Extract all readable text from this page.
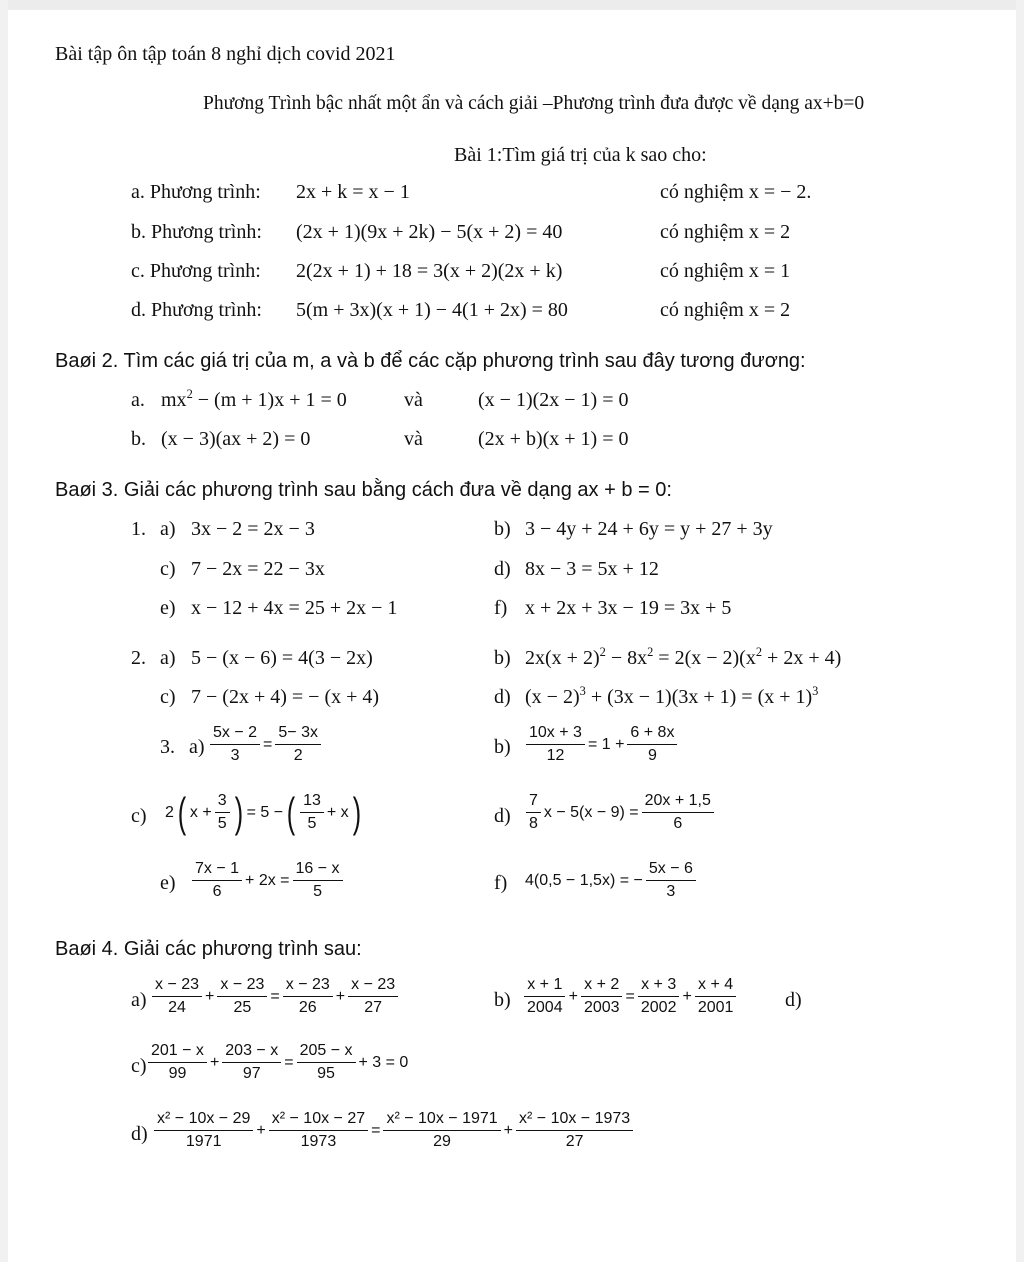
Bài tập ôn tập toán 8 nghỉ dịch covid 2021
Phương Trình bậc nhất một ẩn và cách giải –Phương trình đưa được về dạng ax+b=0
Bài 1:Tìm giá trị của k sao cho:
a. Phương trình: 2x + k = x − 1	có nghiệm x = − 2.
b. Phương trình: (2x + 1)(9x + 2k) − 5(x + 2) = 40	có nghiệm x = 2
c. Phương trình: 2(2x + 1) + 18 = 3(x + 2)(2x + k)	có nghiệm x = 1
d. Phương trình: 5(m + 3x)(x + 1) − 4(1 + 2x) = 80	có nghiệm x = 2
Baøi 2. Tìm các giá trị của m, a và b để các cặp phương trình sau đây tương đương:
a. $mx^2 - (m + 1)x + 1 = 0$	và	(x − 1)(2x − 1) = 0
b. (x − 3)(ax + 2) = 0	và	(2x + b)(x + 1) = 0
Baøi 3. Giải các phương trình sau bằng cách đưa về dạng ax + b = 0:
1. a) 3x − 2 = 2x − 3	b) 3 − 4y + 24 + 6y = y + 27 + 3y
c) 7 − 2x = 22 − 3x	d) 8x − 3 = 5x + 12
e) x − 12 + 4x = 25 + 2x − 1	f) x + 2x + 3x − 19 = 3x + 5
2. a) 5 − (x − 6) = 4(3 − 2x)	b) $2x(x + 2)^2 - 8x^2 = 2(x - 2)(x^2 + 2x + 4)$
c) 7 − (2x + 4) = − (x + 4)	d) $(x - 2)^3 + (3x - 1)(3x + 1) = (x + 1)^3$
3. $a) \frac{5x - 2}{3} = \frac{5- 3x}{2}$	$b) \frac{10x + 3}{12} = 1 + \frac{6 + 8x}{9}$
c) 2( $x + \frac{3}{5}$ ) = 5 −( $\frac{13}{5} + x$)	$d) \frac{7}{8}$ $x - 5(x - 9) = \frac{20x + 1,5}{6}$
$e) \frac{7x - 1}{6} + 2x = \frac{16 - x}{5}$	f) 4(0,5 − 1,5x) = − $\frac{5x - 6}{3}$
Baøi 4. Giải các phương trình sau:
$a) \frac{x - 23}{24} + \frac{x - 23}{25} = \frac{x - 23}{26} + \frac{x - 23}{27}$	$b) \frac{x + 1}{2004} + \frac{x + 2}{2003} = \frac{x + 3}{2002} + \frac{x + 4}{2001} d$)
$c) \frac{201 - x}{99} + \frac{203 - x}{97} = \frac{205 - x}{95} + 3 = 0$
$d) \frac{\text{x² − 10x − 29}}{1971} + \frac{\text{x² − 10x − 27}}{1973} = \frac{\text{x² − 10x − 1971}}{29} + \frac{\text{x² − 10x − 1973}}{27}$
